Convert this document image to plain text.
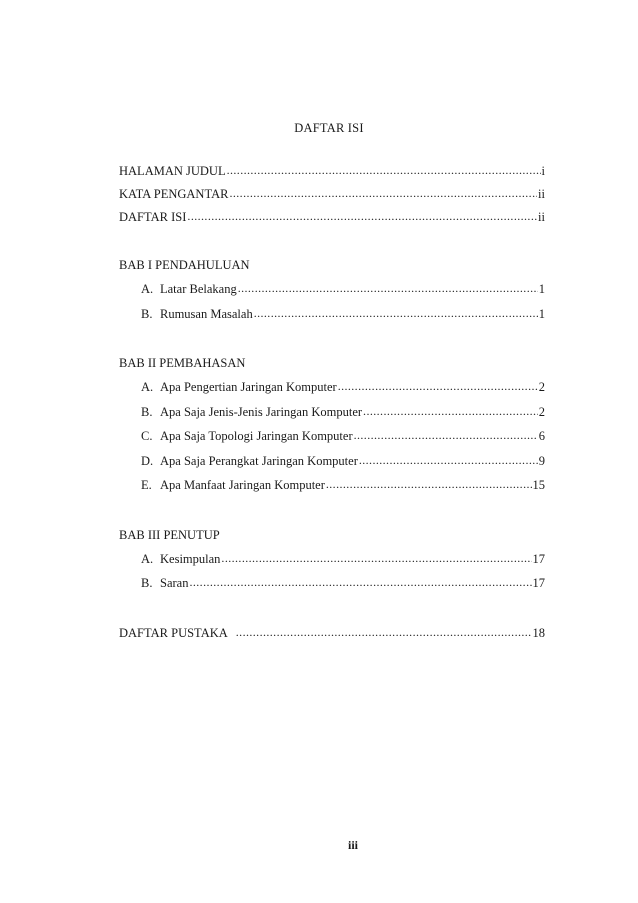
DAFTAR ISI
HALAMAN JUDUL .....	i
KATA PENGANTAR .....	ii
DAFTAR ISI .....	ii
BAB I PENDAHULUAN
A. Latar Belakang .....	1
B. Rumusan Masalah .....	1
BAB II PEMBAHASAN
A. Apa Pengertian Jaringan Komputer .....	2
B. Apa Saja Jenis-Jenis Jaringan Komputer .....	2
C. Apa Saja Topologi Jaringan Komputer .....	6
D. Apa Saja Perangkat Jaringan Komputer .....	9
E. Apa Manfaat Jaringan Komputer .....	15
BAB III PENUTUP
A. Kesimpulan .....	17
B. Saran .....	17
DAFTAR PUSTAKA .....	18
iii
